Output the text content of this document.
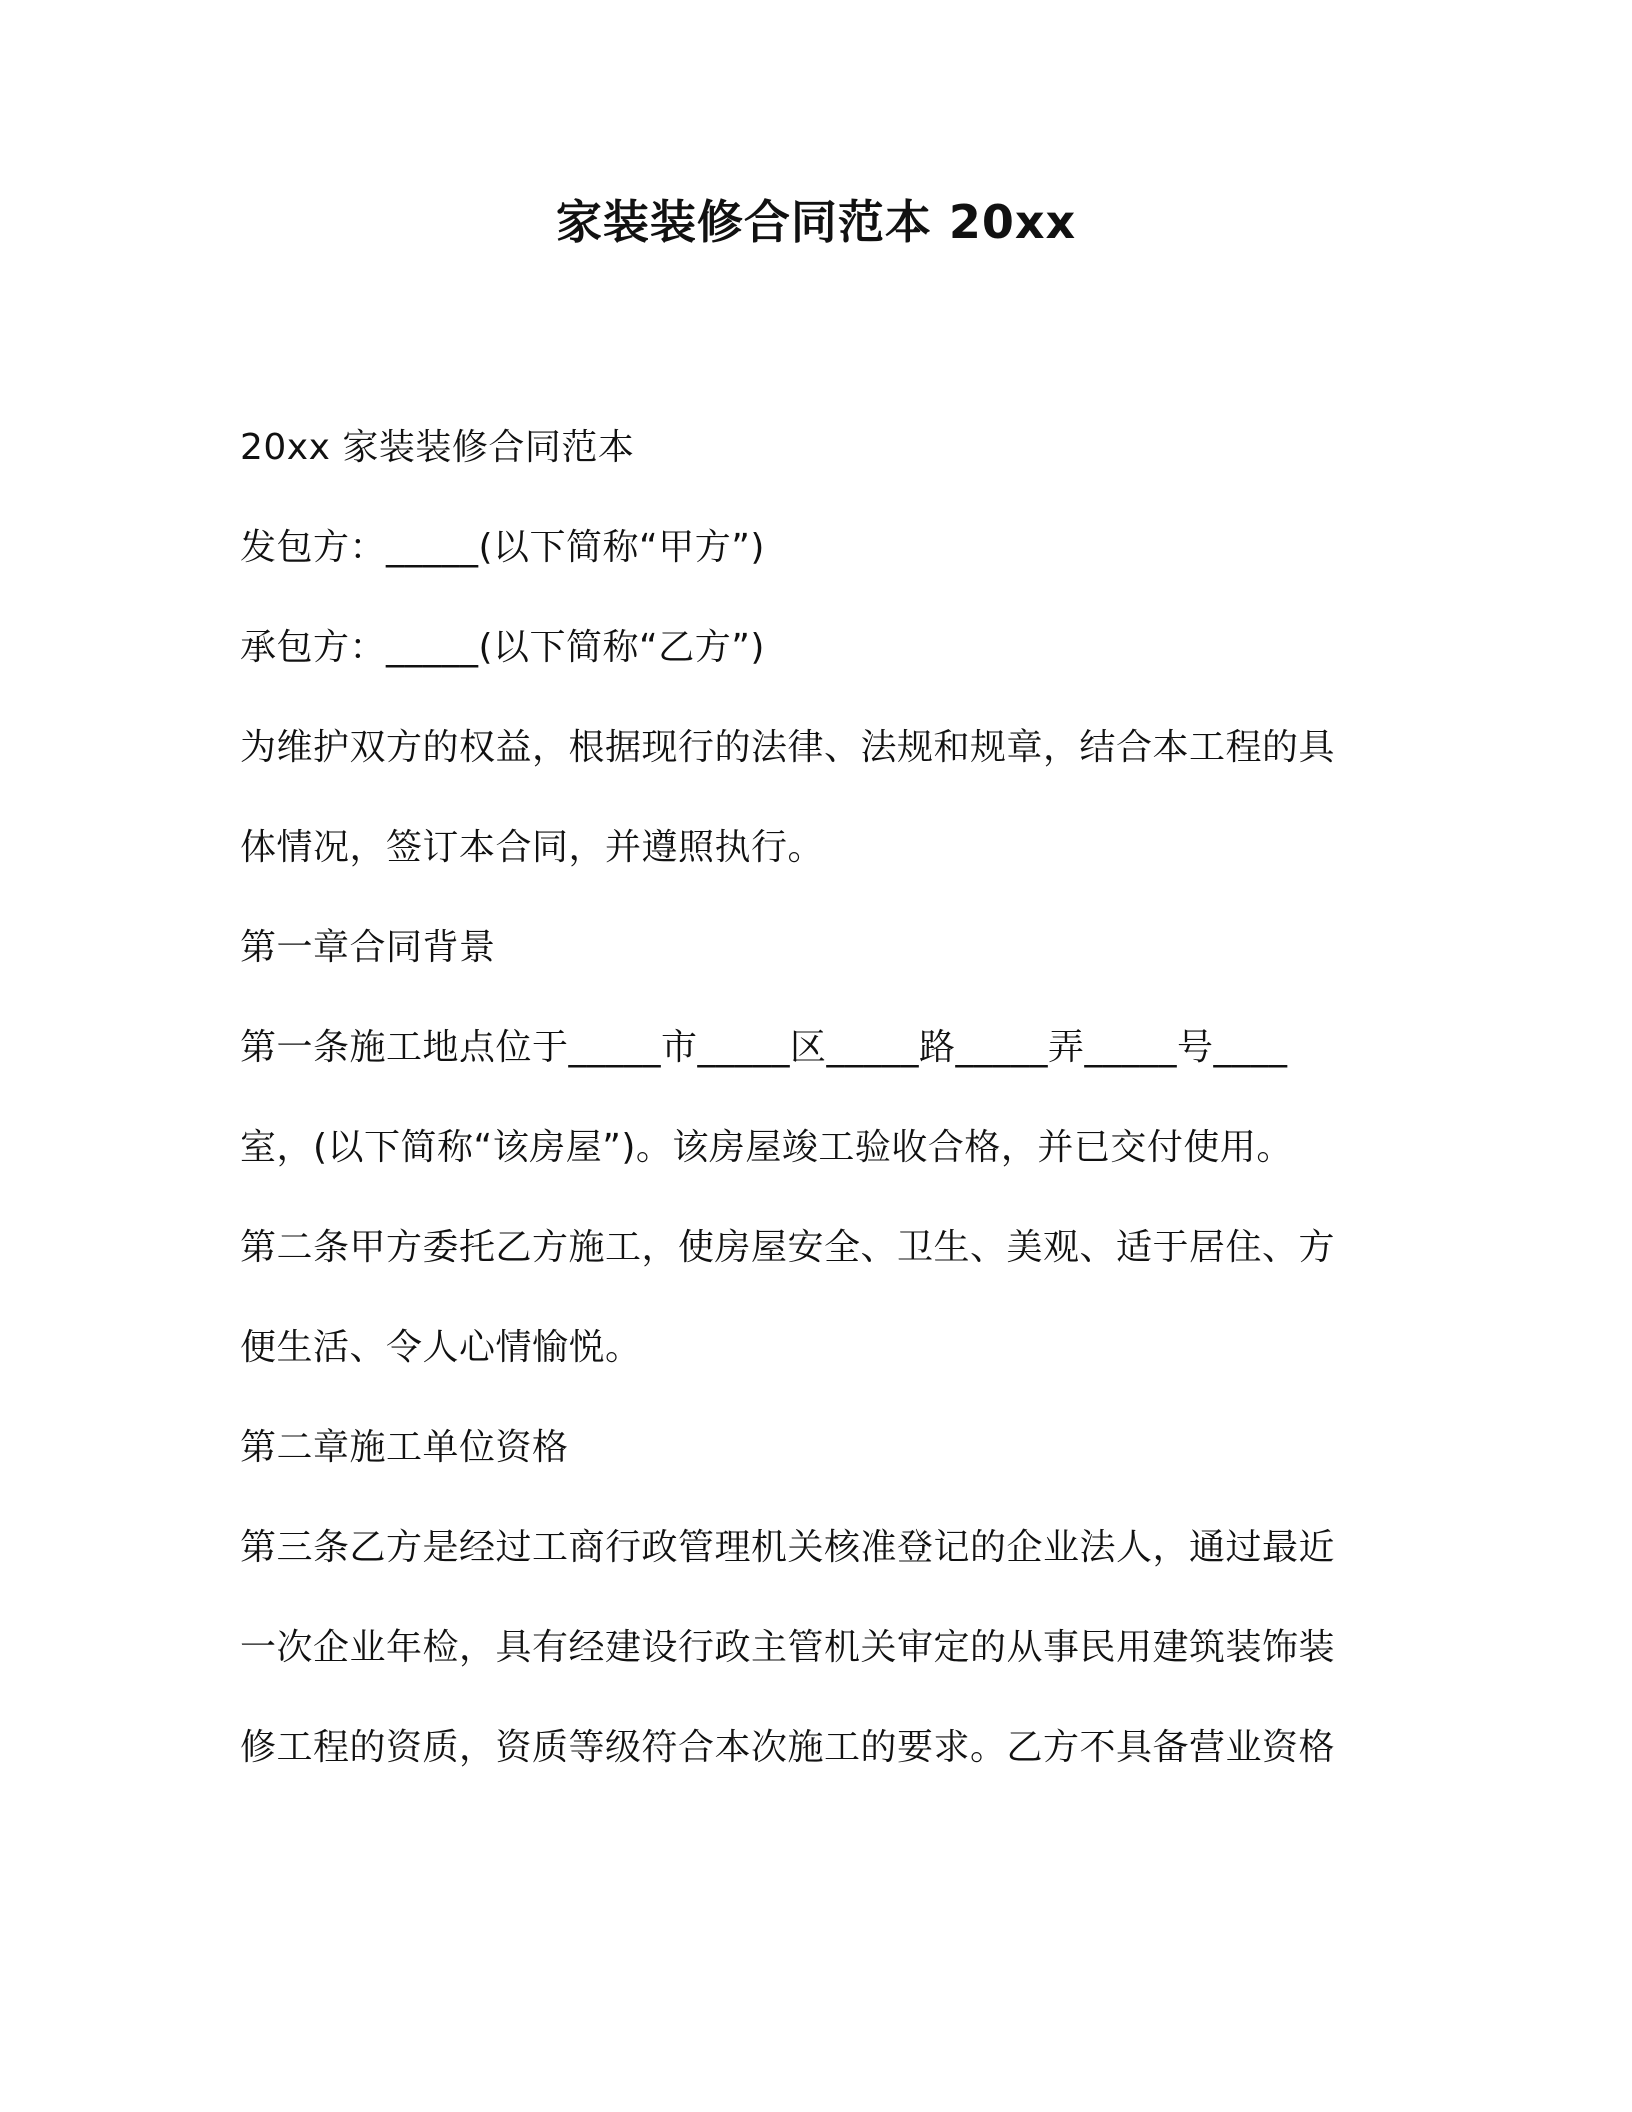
家装装修合同范本 20xx
20xx 家装装修合同范本
发包方：_____(以下简称“甲方”)
承包方：_____(以下简称“乙方”)
为维护双方的权益，根据现行的法律、法规和规章，结合本工程的具
体情况，签订本合同，并遵照执行。
第一章合同背景
第一条施工地点位于_____市_____区_____路_____弄_____号____
室，(以下简称“该房屋”)。该房屋竣工验收合格，并已交付使用。
第二条甲方委托乙方施工，使房屋安全、卫生、美观、适于居住、方
便生活、令人心情愉悦。
第二章施工单位资格
第三条乙方是经过工商行政管理机关核准登记的企业法人，通过最近
一次企业年检，具有经建设行政主管机关审定的从事民用建筑装饰装
修工程的资质，资质等级符合本次施工的要求。乙方不具备营业资格
